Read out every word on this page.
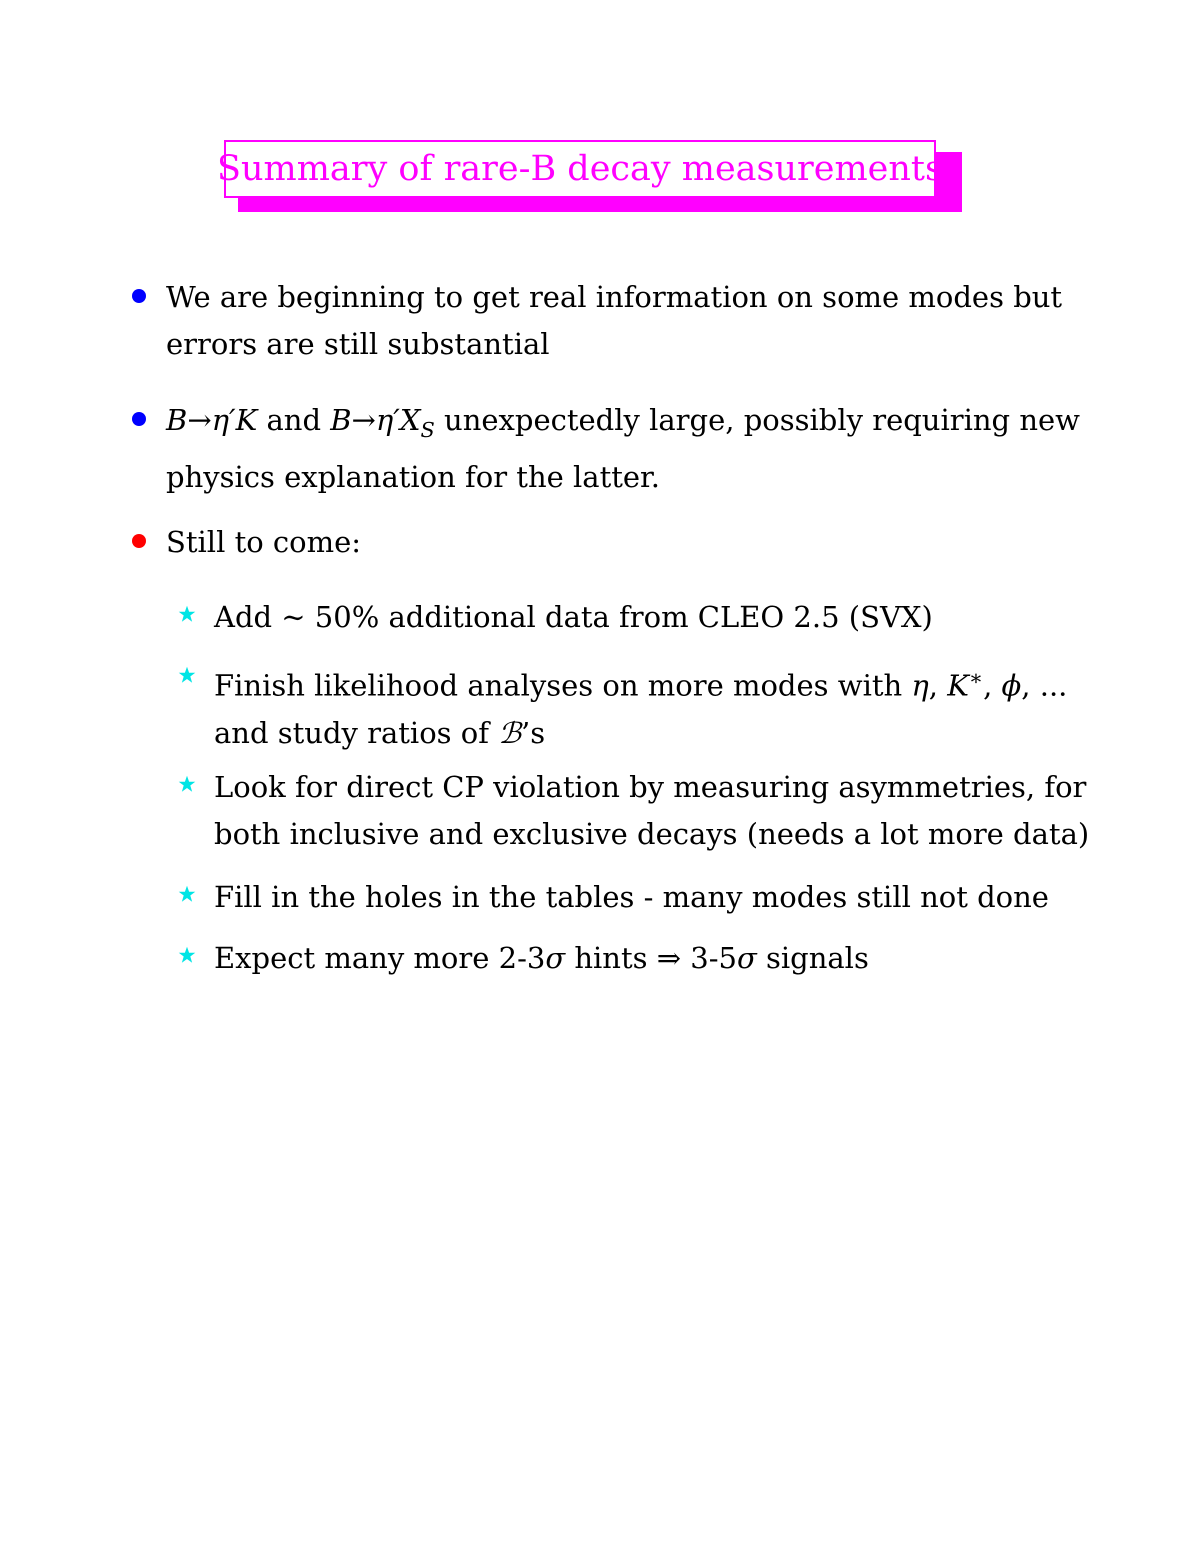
Summary of rare-B decay measurements
We are beginning to get real information on some modes but errors are still substantial
B→η′K and $B\to\eta'X_S$ unexpectedly large, possibly requiring new physics explanation for the latter.
Still to come:
Add ∼ 50% additional data from CLEO 2.5 (SVX)
Finish likelihood analyses on more modes with η, K∗, ϕ, ... and study ratios of ℬ’s
Look for direct CP violation by measuring asymmetries, for both inclusive and exclusive decays (needs a lot more data)
Fill in the holes in the tables - many modes still not done
Expect many more 2-3σ hints ⇒ 3-5σ signals
